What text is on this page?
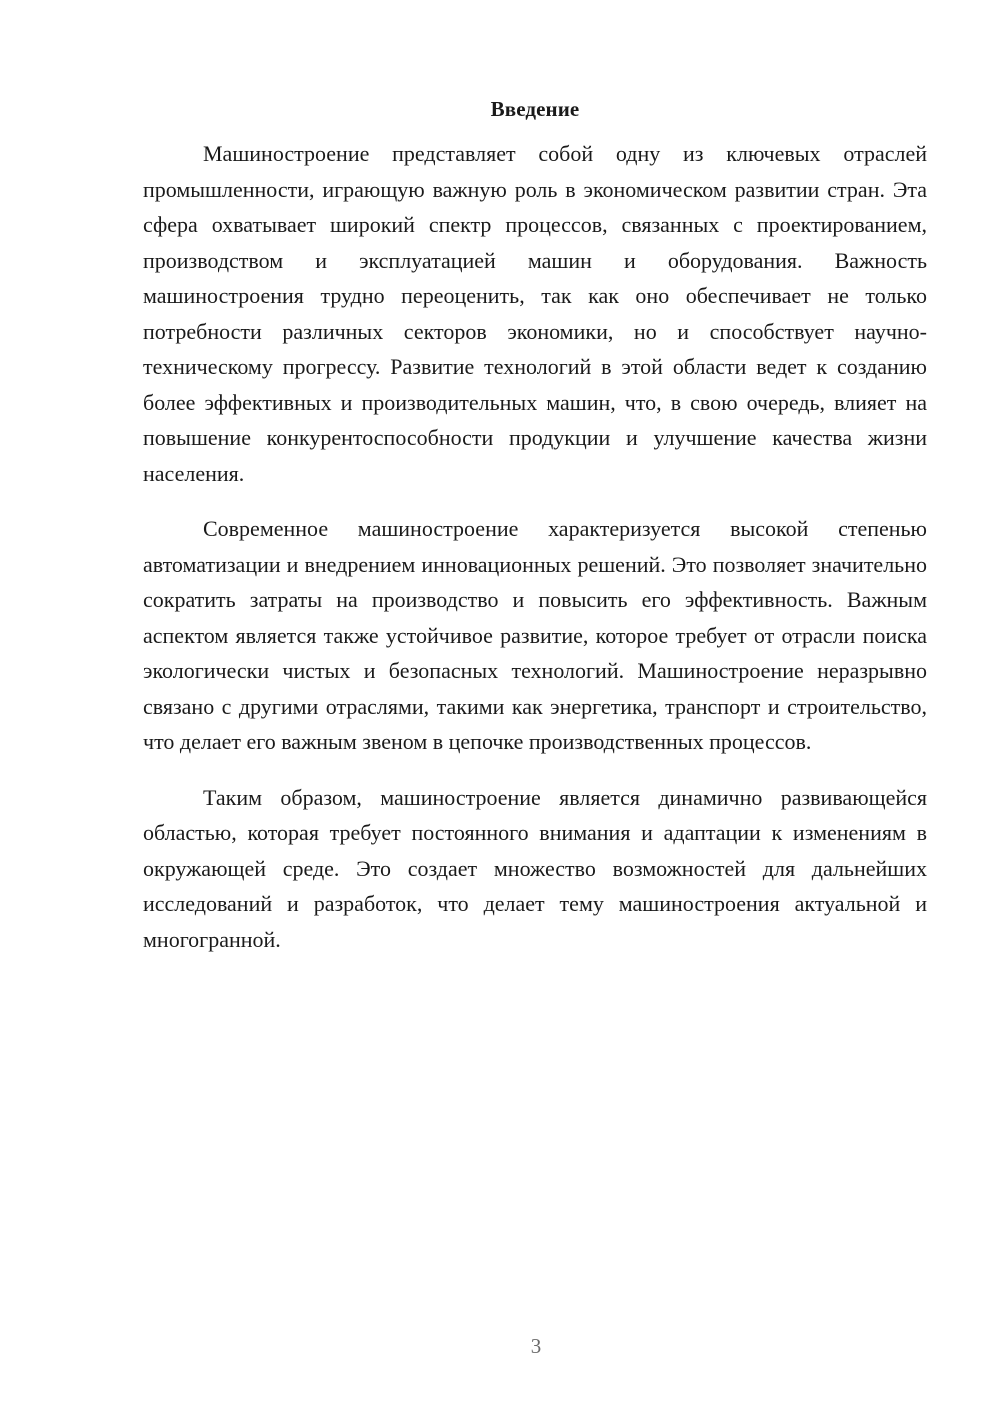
Введение

Машиностроение представляет собой одну из ключевых отраслей промышленности, играющую важную роль в экономическом развитии стран. Эта сфера охватывает широкий спектр процессов, связанных с проектированием, производством и эксплуатацией машин и оборудования. Важность машиностроения трудно переоценить, так как оно обеспечивает не только потребности различных секторов экономики, но и способствует научно-техническому прогрессу. Развитие технологий в этой области ведет к созданию более эффективных и производительных машин, что, в свою очередь, влияет на повышение конкурентоспособности продукции и улучшение качества жизни населения.

Современное машиностроение характеризуется высокой степенью автоматизации и внедрением инновационных решений. Это позволяет значительно сократить затраты на производство и повысить его эффективность. Важным аспектом является также устойчивое развитие, которое требует от отрасли поиска экологически чистых и безопасных технологий. Машиностроение неразрывно связано с другими отраслями, такими как энергетика, транспорт и строительство, что делает его важным звеном в цепочке производственных процессов.

Таким образом, машиностроение является динамично развивающейся областью, которая требует постоянного внимания и адаптации к изменениям в окружающей среде. Это создает множество возможностей для дальнейших исследований и разработок, что делает тему машиностроения актуальной и многогранной.

3
